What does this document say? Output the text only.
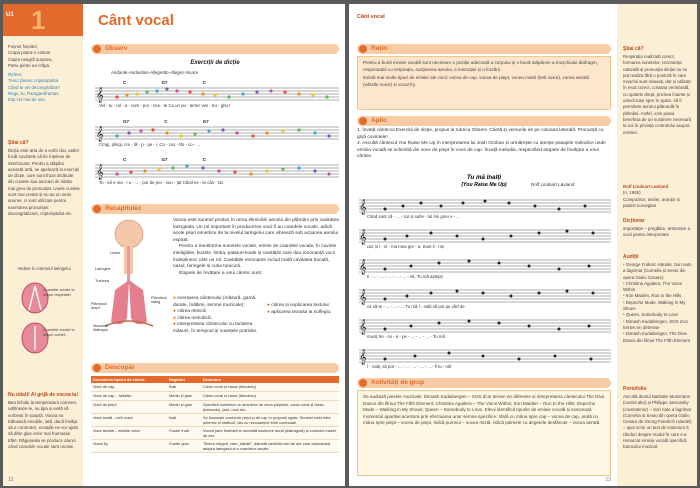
U1 1
Foșnet foșnitel,
Crapa piatra-n cetina!
Capra neagră șușotea,
Patru pietre ea crăpa.
Refren:
Trosc pleosc criptonptoba
Când te vei decongrializa?
Regu, tu, Paragaraframus
Eșți cel mai de sus.
Știai că?
Dicția este arta de a vorbi clar, astfel încât cuvintele să fie înțelese de interlocutor. Pentru a stăpâni această artă, se apelează la exerciții de dicție, care sunt fraze alcătuite din cuvinte sau asocieri de silabe mai greu de pronunțat. Unele cuvinte sunt mai create și nu au un sens anume, ci sunt utilizate pentru exersarea pronunției: decongrializare, criptonptoba etc.
Vedere în interiorul laringelui
Coardele vocale în timpul respirației
Coardele vocale în timpul vorbirii
Nu uitați! Al grijă de vocea ta!
Bea lichide la temperatura camerei, odihnește-te, nu țipa și evită să vorbești în șoaptă. Vocea nu trăbuiază emoțiile, iată, dacă învăța să o controlezi, emoțiile ne vor ajuta să dăm glas celor mai frumoase trăiri. Răgușeala se produce atunci când coardele vocale sunt uscate.
Cânt vocal
Observ
Exerciții de dicție
Andante-Andantino-Allegretto-Allegro-Vivace
𝄞
𝄞
𝄞
C	G7	C
Vel - tu - rul - a - cum - por - nes - te Cu un pu - ternic ves - tru - ghic!
G7	C	G7
Crngi, plingi, cre - tă - p - pe - i, Co - cos - tăr - co - ...
C	G7	C
To - tul e ma - i u - ... - por de pro - nun - ţat Când es - te cân - tat.
Recapitulez
Limba
Laringele
Traheea
Plămânul drept
Plămânul stâng
Mușchiul diafragm

Vocea este sunetul produs în urma eliminării aerului din plămâni prin cavitatea laringeala. Un rol important în producerea vocii îl au coardele vocale, adică acele pliuri simetrice de la nivelul laringelui care vibrează sub acțiunea aerului expirat.

Pentru a transforma sunetele vocale, emise de coardele vocale, în cuvinte inteligibile, buzele, limba, palatul-moale și cavitățile care dau rezonanță vocii îndeplinesc câte un rol. Cavitățile rezonante includ toată cavitatea bucală, nasul, faringele și cutia toracică.

Etapele de învățare a unui cântec sunt:

● exersarea cântecului (măsură, gamă, durate, înălțimi, semne muzicale);
● citirea ritmică;
● citirea melodică;
● interpretarea cântecului cu tactarea măsurii, în tempoul și nuanțele potrivite.
● citirea și explicarea textului;
● aplicarea textului la solfegiu;
Descopăr
Denumirea tipului de emisie	Registru	Descriere
Voce de cap	Înalt	Cânto coral și clasic (belcanto)
Voce de cap – falsetto	Mediu și grav	Cânto coral și clasic (belcanto)
Voce de piept	Mediu și grav	Specifică sunetelor ce amintesc de zona pieptului; canto coral și clasic (belcanto), jazz, rock etc.
Voce mixtă – belt voice	Înalt	Se folosește vocea de piept și de cap în proporții egale. Sunetul emis este puternic și strălucit, dar cu rezonanțele bine controlate.
Voce aerată – whistle voice	Foarte înalt	Vocea pare fluierată și necesită susținere bună (diafragmă) și controlul masei de aer.
Vocal fry	Foarte grav	Timbru rășguit, care „hârâie”, datorită cantități mici de aer care acționează asupra laringelui și a coardelor vocale.
12
Cânt vocal
Rețin

Pentru a bună emisie vocală sunt necesare o poziție adecvată a corpului și o bună stăpânire a mușchiului diafragm, responsabil cu respirația, susținerea aerului, a intonației și a frazării.

Există mai multe tipuri de emisie ale vocii: vocea de cap, vocea de piept, vocea mixtă (belt voice), vocea aerată (whistle voice) și vocal fry.

Aplic

1. Învață cântecul Exerciții de dicție, propus la rubrica Observ. Cântă și versurile de pe coloana laterală. Pronunță cu grijă cuvintele!

2. Ascultă cântecul You Raise Me Up în interpretarea lui Josh Groban și urmărește cu atenție pasajele melodice unde emisia vocală se schimbă din voce de piept în voce de cap. Învață melodia, respectând etapele de învățare a unui cântec.

Tu mă înalți
(You Raise Me Up)	Rolf Lindsart Løvland
𝄞
𝄞
𝄞
𝄞
𝄞
𝄞
Când sunt că - ... - zut și sufle - tul îmi greu e - ...
caz și i - ni - ma mea gre - a, Sunt li - niș
ti - ... - ... - ... - ... - ... - nit, Tu mă aștepți
ca să te - ... - ... - ... Tu mă î - nalți să pot pe vârf de
munți tre - ce - a - pe - ... - ... - ... - Tu mă
î - nalți, să pot - ... - ... - ... - ... - ... - fi tu - nă!
Activități de grup
Se audiază piesele muzicale: Dimash Kudaibergen – SOS d'un terrien en détresse și interpretarea cântecului The Diva Dance din filmul The Fifth Element; Christina Aguilera – The Voice Within; Iron Maiden – Run to the Hills; Depeche Mode – Walking in My Shoes; Queen – Somebody to Love. Elevii identifică tipurile de emisie vocală și sesizează momentul apariției acestora prin efectuarea unor semne specifice: sfată cu mâna spre cap – vocea de cap, arată cu mâna spre piept – vocea de piept, ridică pumnul – vocea mixtă, ridică palmele cu degetele desfăcute – vocea aerată.
Știai că?
Respirația realizată corect, formarea sunetelor, rezonanța naturală și pronunția dicției nu se pot realiza fără o postură în care mușchii sunt relaxați, dar și utilizați în mod corect, coloana vertebrală, cu spatele drept, privirea înainte și umerii trași spre în spate, să îi permitem aerului pătrundă în plămâni. Astfel, vom putea beneficia de un susținere necesară la noi în privința controlului asupra emisiei.
Rolf Lindsart Løvland
(n. 1955)
Compozitor, textier, aranjor și pianist norvegian
Dicționar
impostație – pregătire, antrenare a vocii pentru interpretare
Audiții
• George Frideric Händel, Son nato a lagrimar (Cornelia și Sesto din opera Giulio Cesare)
• Christina Aguilera, The Voice Within
• Iron Maiden, Run to the Hills
• Depeche Mode, Walking In My Shoes
• Queen, Somebody to Love
• Dimash Kudaibergen, SOS d'un terrien en détresse
• Dimash Kudaibergen, The Diva Dance din filmul The Fifth Element
Portofoliu
Ascultă duetul Nathalie Stutzmann (contra alto) și Philippe Jaroussky (contratenor) – Son nato a lagrimar (Cornelia și Sesto din opera Giulio Cesare de Georg Friedrich Händel) – apoi scrie un text de minimum 5 rânduri despre modul în care s-a remarcat emisia vocală specifică barocului muzical.
13
